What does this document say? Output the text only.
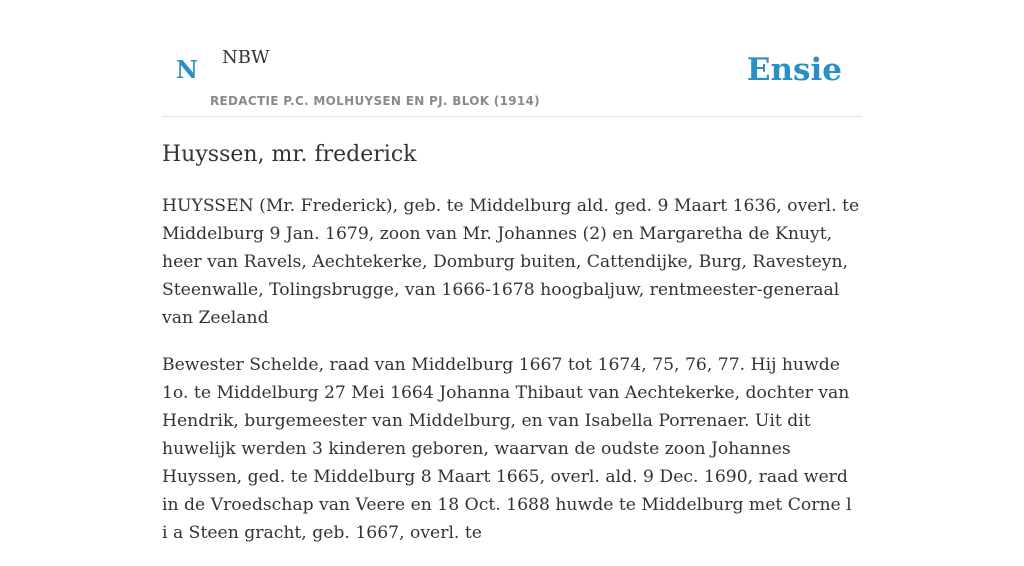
N NBW
REDACTIE P.C. MOLHUYSEN EN PJ. BLOK (1914)
Ensie
Huyssen, mr. frederick

HUYSSEN (Mr. Frederick), geb. te Middelburg ald. ged. 9 Maart 1636, overl. te Middelburg 9 Jan. 1679, zoon van Mr. Johannes (2) en Margaretha de Knuyt, heer van Ravels, Aechtekerke, Domburg buiten, Cattendijke, Burg, Ravesteyn, Steenwalle, Tolingsbrugge, van 1666-1678 hoogbaljuw, rentmeester-generaal van Zeeland

Bewester Schelde, raad van Middelburg 1667 tot 1674, 75, 76, 77. Hij huwde 1o. te Middelburg 27 Mei 1664 Johanna Thibaut van Aechtekerke, dochter van Hendrik, burgemeester van Middelburg, en van Isabella Porrenaer. Uit dit huwelijk werden 3 kinderen geboren, waarvan de oudste zoon Johannes Huyssen, ged. te Middelburg 8 Maart 1665, overl. ald. 9 Dec. 1690, raad werd in de Vroedschap van Veere en 18 Oct. 1688 huwde te Middelburg met Corne l i a Steen gracht, geb. 1667, overl. te
